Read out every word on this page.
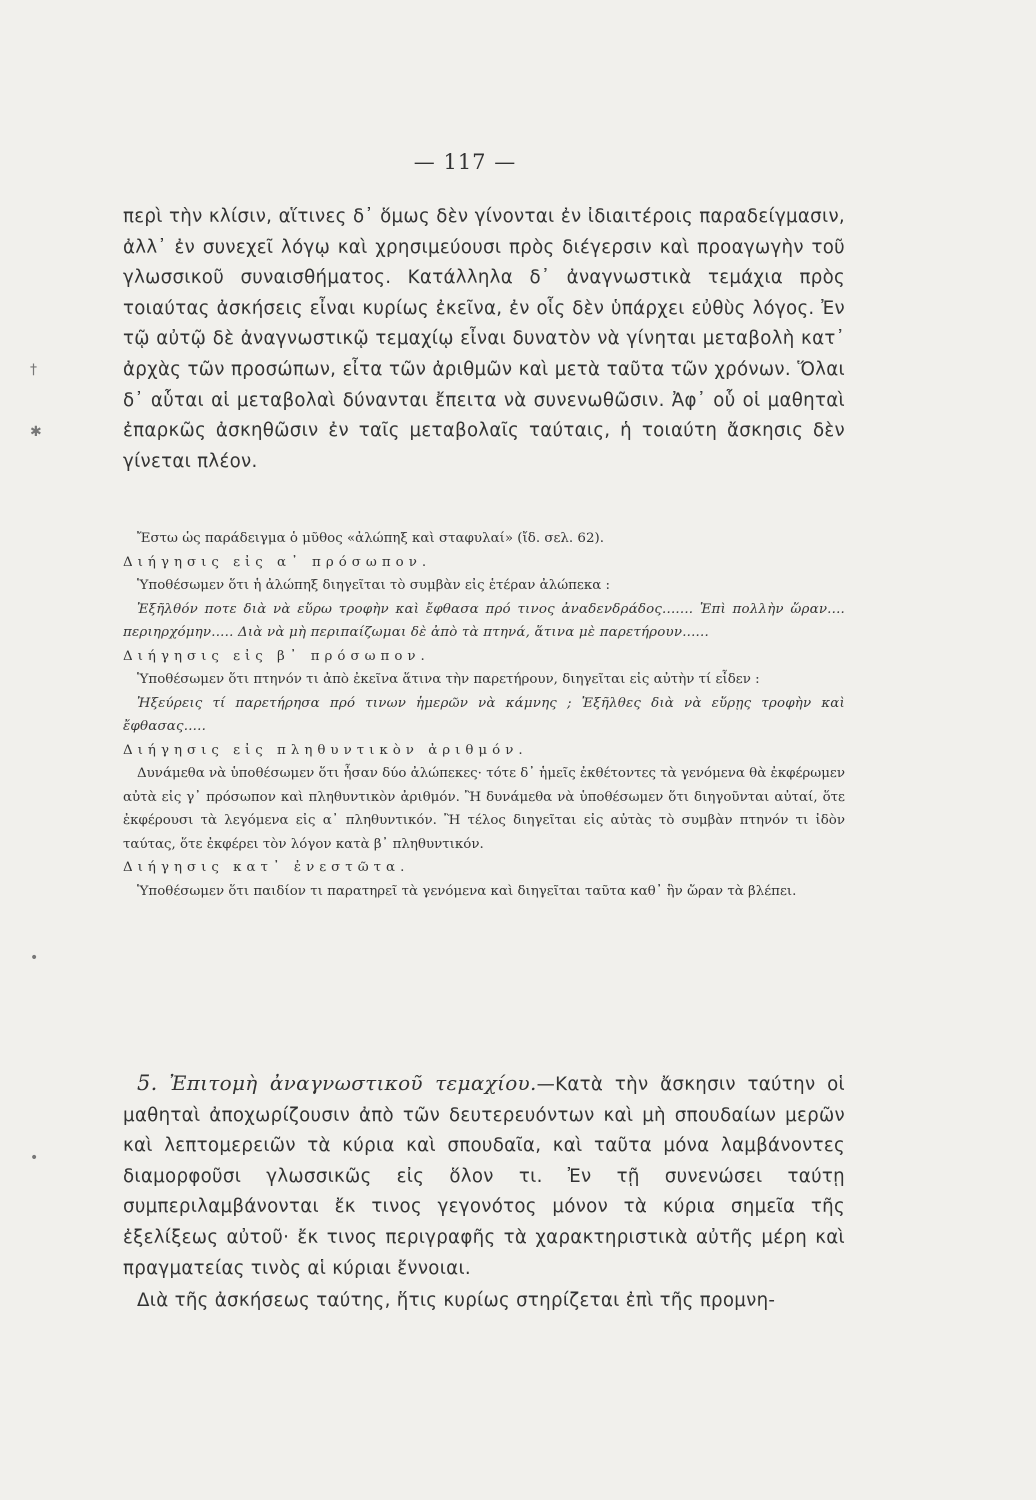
†
✱
•
•
— 117 —

περὶ τὴν κλίσιν, αἵτινες δ᾽ ὅμως δὲν γίνονται ἐν ἰδιαιτέροις παραδείγμασιν, ἀλλ᾽ ἐν συνεχεῖ λόγῳ καὶ χρησιμεύουσι πρὸς διέγερσιν καὶ προαγωγὴν τοῦ γλωσσικοῦ συναισθήματος. Κατάλληλα δ᾽ ἀναγνωστικὰ τεμάχια πρὸς τοιαύτας ἀσκήσεις εἶναι κυρίως ἐκεῖνα, ἐν οἷς δὲν ὑπάρχει εὐθὺς λόγος. Ἐν τῷ αὐτῷ δὲ ἀναγνωστικῷ τεμαχίῳ εἶναι δυνατὸν νὰ γίνηται μεταβολὴ κατ᾽ ἀρχὰς τῶν προσώπων, εἶτα τῶν ἀριθμῶν καὶ μετὰ ταῦτα τῶν χρόνων. Ὅλαι δ᾽ αὗται αἱ μεταβολαὶ δύνανται ἔπειτα νὰ συνενωθῶσιν. Ἀφ᾽ οὗ οἱ μαθηταὶ ἐπαρκῶς ἀσκηθῶσιν ἐν ταῖς μεταβολαῖς ταύταις, ἡ τοιαύτη ἄσκησις δὲν γίνεται πλέον.

Ἔστω ὡς παράδειγμα ὁ μῦθος «ἀλώπηξ καὶ σταφυλαί» (ἴδ. σελ. 62).

Διήγησις εἰς α᾽ πρόσωπον.

Ὑποθέσωμεν ὅτι ἡ ἀλώπηξ διηγεῖται τὸ συμβὰν εἰς ἑτέραν ἀλώπεκα :

Ἐξῆλθόν ποτε διὰ νὰ εὕρω τροφὴν καὶ ἔφθασα πρό τινος ἀναδενδράδος....... Ἐπὶ πολλὴν ὥραν.... περιηρχόμην..... Διὰ νὰ μὴ περιπαίζωμαι δὲ ἀπὸ τὰ πτηνά, ἅτινα μὲ παρετήρουν......

Διήγησις εἰς β᾽ πρόσωπον.

Ὑποθέσωμεν ὅτι πτηνόν τι ἀπὸ ἐκεῖνα ἅτινα τὴν παρετήρουν, διηγεῖται εἰς αὐτὴν τί εἶδεν :

Ἠξεύρεις τί παρετήρησα πρό τινων ἡμερῶν νὰ κάμνης ; Ἐξῆλθες διὰ νὰ εὕρῃς τροφὴν καὶ ἔφθασας.....

Διήγησις εἰς πληθυντικὸν ἀριθμόν.

Δυνάμεθα νὰ ὑποθέσωμεν ὅτι ἦσαν δύο ἀλώπεκες· τότε δ᾽ ἡμεῖς ἐκθέτοντες τὰ γενόμενα θὰ ἐκφέρωμεν αὐτὰ εἰς γ᾽ πρόσωπον καὶ πληθυντικὸν ἀριθμόν. Ἢ δυνάμεθα νὰ ὑποθέσωμεν ὅτι διηγοῦνται αὐταί, ὅτε ἐκφέρουσι τὰ λεγόμενα εἰς α᾽ πληθυντικόν. Ἢ τέλος διηγεῖται εἰς αὐτὰς τὸ συμβὰν πτηνόν τι ἰδὸν ταύτας, ὅτε ἐκφέρει τὸν λόγον κατὰ β᾽ πληθυντικόν.

Διήγησις κατ᾽ ἐνεστῶτα.

Ὑποθέσωμεν ὅτι παιδίον τι παρατηρεῖ τὰ γενόμενα καὶ διηγεῖται ταῦτα καθ᾽ ἣν ὥραν τὰ βλέπει.

5. Ἐπιτομὴ ἀναγνωστικοῦ τεμαχίου.—Κατὰ τὴν ἄσκησιν ταύτην οἱ μαθηταὶ ἀποχωρίζουσιν ἀπὸ τῶν δευτερευόντων καὶ μὴ σπουδαίων μερῶν καὶ λεπτομερειῶν τὰ κύρια καὶ σπουδαῖα, καὶ ταῦτα μόνα λαμβάνοντες διαμορφοῦσι γλωσσικῶς εἰς ὅλον τι. Ἐν τῇ συνενώσει ταύτῃ συμπεριλαμβάνονται ἔκ τινος γεγονότος μόνον τὰ κύρια σημεῖα τῆς ἐξελίξεως αὐτοῦ· ἔκ τινος περιγραφῆς τὰ χαρακτηριστικὰ αὐτῆς μέρη καὶ πραγματείας τινὸς αἱ κύριαι ἔννοιαι.

Διὰ τῆς ἀσκήσεως ταύτης, ἥτις κυρίως στηρίζεται ἐπὶ τῆς προμνη-
